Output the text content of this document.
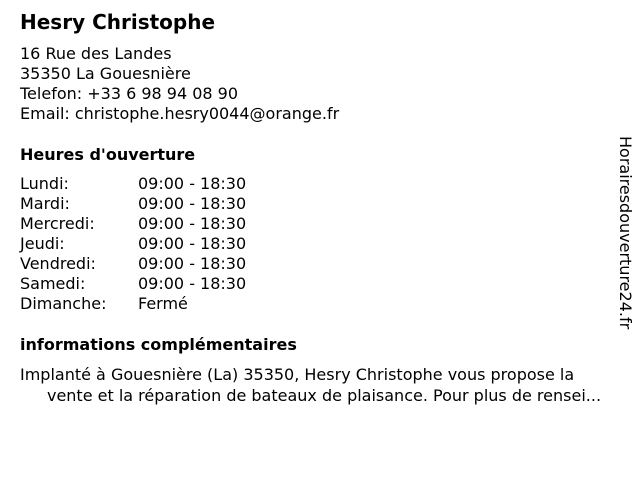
Hesry Christophe
16 Rue des Landes
35350 La Gouesnière
Telefon: +33 6 98 94 08 90
Email: christophe.hesry0044@orange.fr
Heures d'ouverture
Lundi:	09:00 - 18:30
Mardi:	09:00 - 18:30
Mercredi:	09:00 - 18:30
Jeudi:	09:00 - 18:30
Vendredi:	09:00 - 18:30
Samedi:	09:00 - 18:30
Dimanche:	Fermé
informations complémentaires
Implanté à Gouesnière (La) 35350, Hesry Christophe vous propose la
vente et la réparation de bateaux de plaisance. Pour plus de rensei...
Horairesdouverture24.fr
